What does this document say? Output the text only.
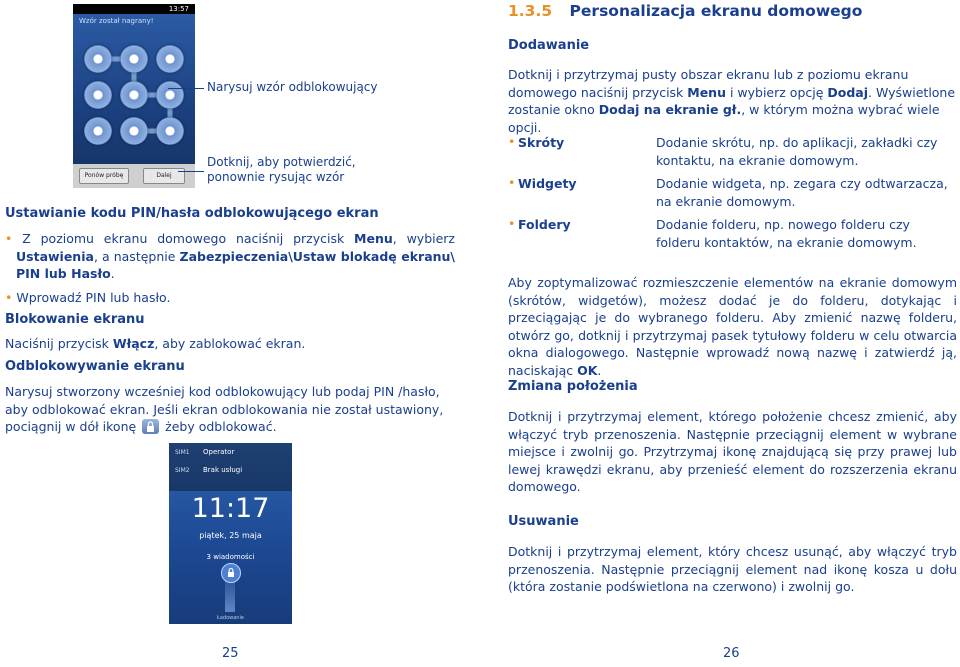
13:57
Wzór został nagrany!
Ponów próbę	Dalej
Narysuj wzór odblokowujący
Dotknij, aby potwierdzić,
ponownie rysując wzór
Ustawianie kodu PIN/hasła odblokowującego ekran

• Z poziomu ekranu domowego naciśnij przycisk Menu, wybierz Ustawienia, a następnie Zabezpieczenia\Ustaw blokadę ekranu\ PIN lub Hasło.

• Wprowadź PIN lub hasło.

Blokowanie ekranu

Naciśnij przycisk Włącz, aby zablokować ekran.

Odblokowywanie ekranu

Narysuj stworzony wcześniej kod odblokowujący lub podaj PIN /hasło, aby odblokować ekran. Jeśli ekran odblokowania nie został ustawiony, pociągnij w dół ikonę żeby odblokować.

SIM1 Operator
SIM2 Brak usługi
11:17
piątek, 25 maja
3 wiadomości
Ładowanie
25
1.3.5 Personalizacja ekranu domowego
Dodawanie

Dotknij i przytrzymaj pusty obszar ekranu lub z poziomu ekranu domowego naciśnij przycisk Menu i wybierz opcję Dodaj. Wyświetlone zostanie okno Dodaj na ekranie gł., w którym można wybrać wiele opcji.

• Skróty	Dodanie skrótu, np. do aplikacji, zakładki czy kontaktu, na ekranie domowym.
• Widgety	Dodanie widgeta, np. zegara czy odtwarzacza, na ekranie domowym.
• Foldery	Dodanie folderu, np. nowego folderu czy folderu kontaktów, na ekranie domowym.

Aby zoptymalizować rozmieszczenie elementów na ekranie domowym (skrótów, widgetów), możesz dodać je do folderu, dotykając i przeciągając je do wybranego folderu. Aby zmienić nazwę folderu, otwórz go, dotknij i przytrzymaj pasek tytułowy folderu w celu otwarcia okna dialogowego. Następnie wprowadź nową nazwę i zatwierdź ją, naciskając OK.

Zmiana położenia

Dotknij i przytrzymaj element, którego położenie chcesz zmienić, aby włączyć tryb przenoszenia. Następnie przeciągnij element w wybrane miejsce i zwolnij go. Przytrzymaj ikonę znajdującą się przy prawej lub lewej krawędzi ekranu, aby przenieść element do rozszerzenia ekranu domowego.

Usuwanie

Dotknij i przytrzymaj element, który chcesz usunąć, aby włączyć tryb przenoszenia. Następnie przeciągnij element nad ikonę kosza u dołu (która zostanie podświetlona na czerwono) i zwolnij go.

26
